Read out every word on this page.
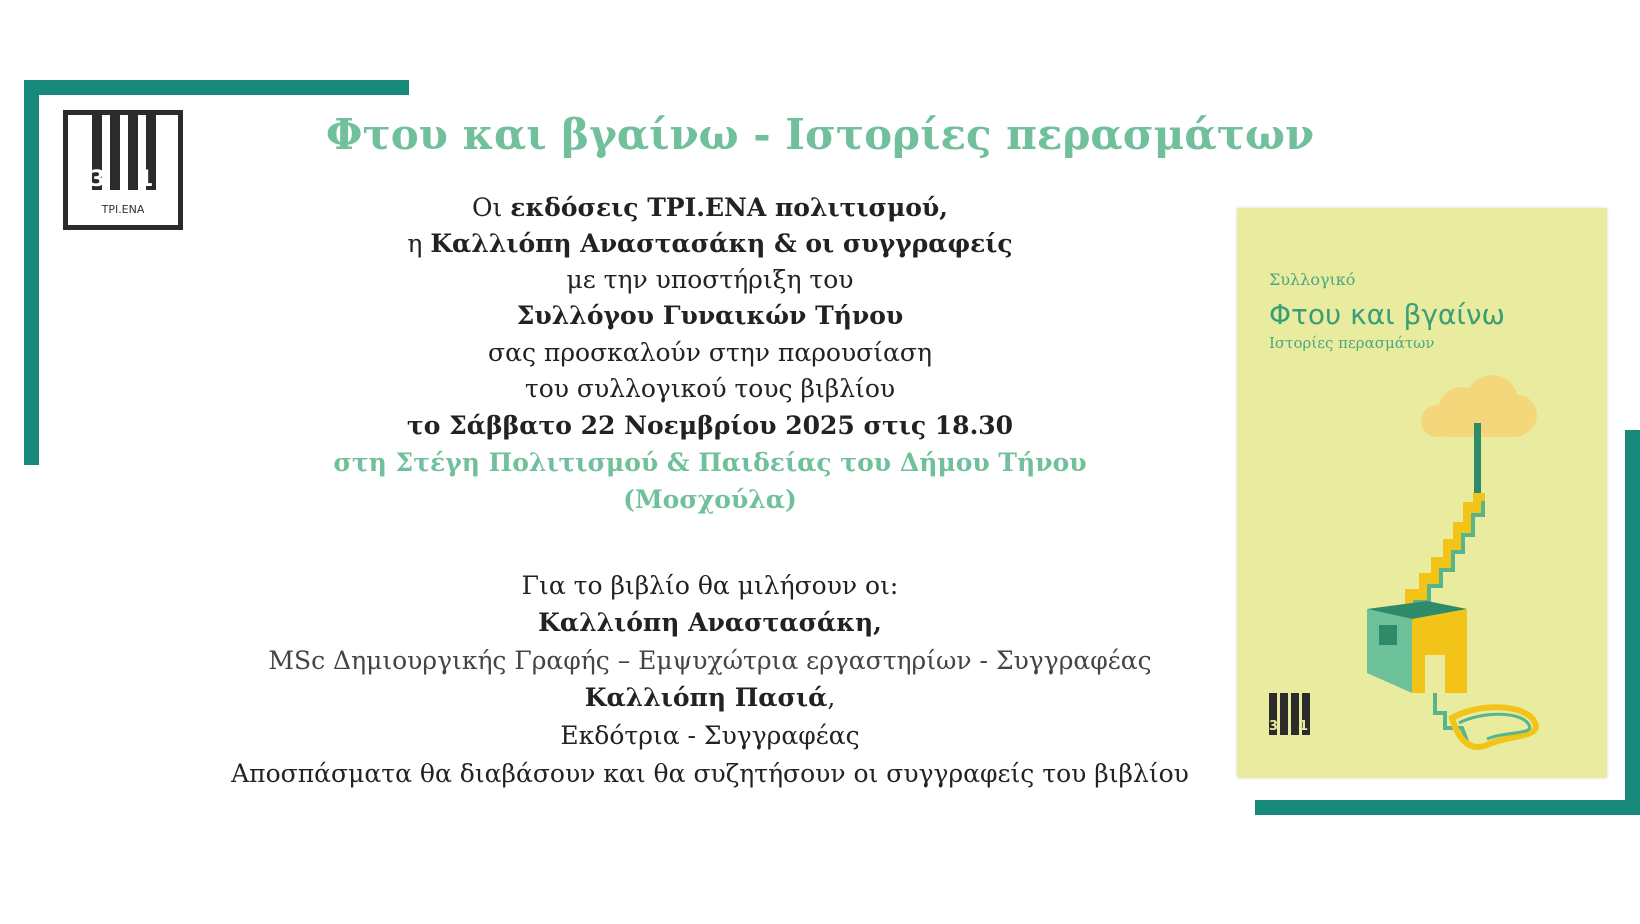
3 1
ΤΡΙ.ΕΝΑ
Φτου και βγαίνω - Ιστορίες περασμάτων
Οι εκδόσεις ΤΡΙ.ΕΝΑ πολιτισμού,
η Καλλιόπη Αναστασάκη & οι συγγραφείς
με την υποστήριξη του
Συλλόγου Γυναικών Τήνου
σας προσκαλούν στην παρουσίαση
του συλλογικού τους βιβλίου
το Σάββατο 22 Νοεμβρίου 2025 στις 18.30
στη Στέγη Πολιτισμού & Παιδείας του Δήμου Τήνου
(Μοσχούλα)
Για το βιβλίο θα μιλήσουν οι:
Καλλιόπη Αναστασάκη,
MSc Δημιουργικής Γραφής – Εμψυχώτρια εργαστηρίων - Συγγραφέας
Καλλιόπη Πασιά,
Εκδότρια - Συγγραφέας
Αποσπάσματα θα διαβάσουν και θα συζητήσουν οι συγγραφείς του βιβλίου
Συλλογικό
Φτου και βγαίνω
Ιστορίες περασμάτων
3 1
